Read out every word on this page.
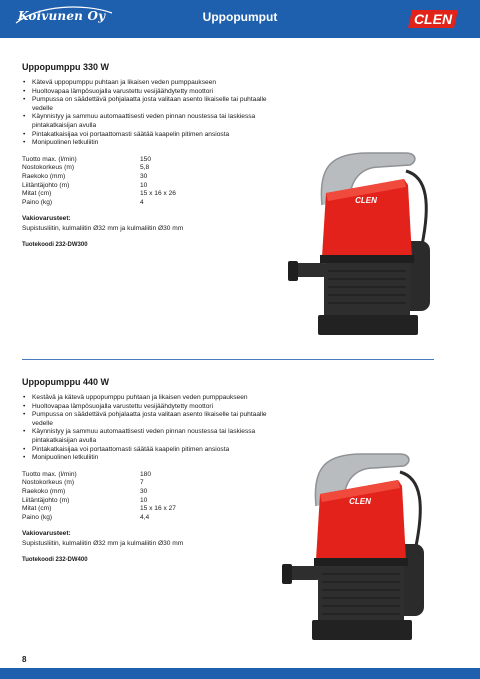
Koivunen Oy	Uppopumput	CLEN
Uppopumppu 330 W
• Kätevä uppopumppu puhtaan ja likaisen veden pumppaukseen
• Huoltovapaa lämpösuojalla varustettu vesijäähdytetty moottori
• Pumpussa on säädettävä pohjalaatta josta valitaan asento likaiselle tai puhtaalle vedelle
• Käynnistyy ja sammuu automaattisesti veden pinnan noustessa tai laskiessa pintakatkaisijan avulla
• Pintakatkaisijaa voi portaattomasti säätää kaapelin pitimen ansiosta
• Monipuolinen letkuliitin
Tuotto max. (l/min)	150
Nostokorkeus (m)	5,8
Raekoko (mm)	30
Liitäntäjohto (m)	10
Mitat (cm)	15 x 16 x 26
Paino (kg)	4
Vakiovarusteet:
Supistusliitin, kulmaliitin Ø32 mm ja kulmaliitin Ø30 mm
Tuotekoodi 232-DW300
CLEN
Uppopumppu 440 W
• Kestävä ja kätevä uppopumppu puhtaan ja likaisen veden pumppaukseen
• Huoltovapaa lämpösuojalla varustettu vesijäähdytetty moottori
• Pumpussa on säädettävä pohjalaatta josta valitaan asento likaiselle tai puhtaalle vedelle
• Käynnistyy ja sammuu automaattisesti veden pinnan noustessa tai laskiessa pintakatkaisijan avulla
• Pintakatkaisijaa voi portaattomasti säätää kaapelin pitimen ansiosta
• Monipuolinen letkuliitin
Tuotto max. (l/min)	180
Nostokorkeus (m)	7
Raekoko (mm)	30
Liitäntäjohto (m)	10
Mitat (cm)	15 x 16 x 27
Paino (kg)	4,4
Vakiovarusteet:
Supistusliitin, kulmaliitin Ø32 mm ja kulmaliitin Ø30 mm
Tuotekoodi 232-DW400
CLEN
8
